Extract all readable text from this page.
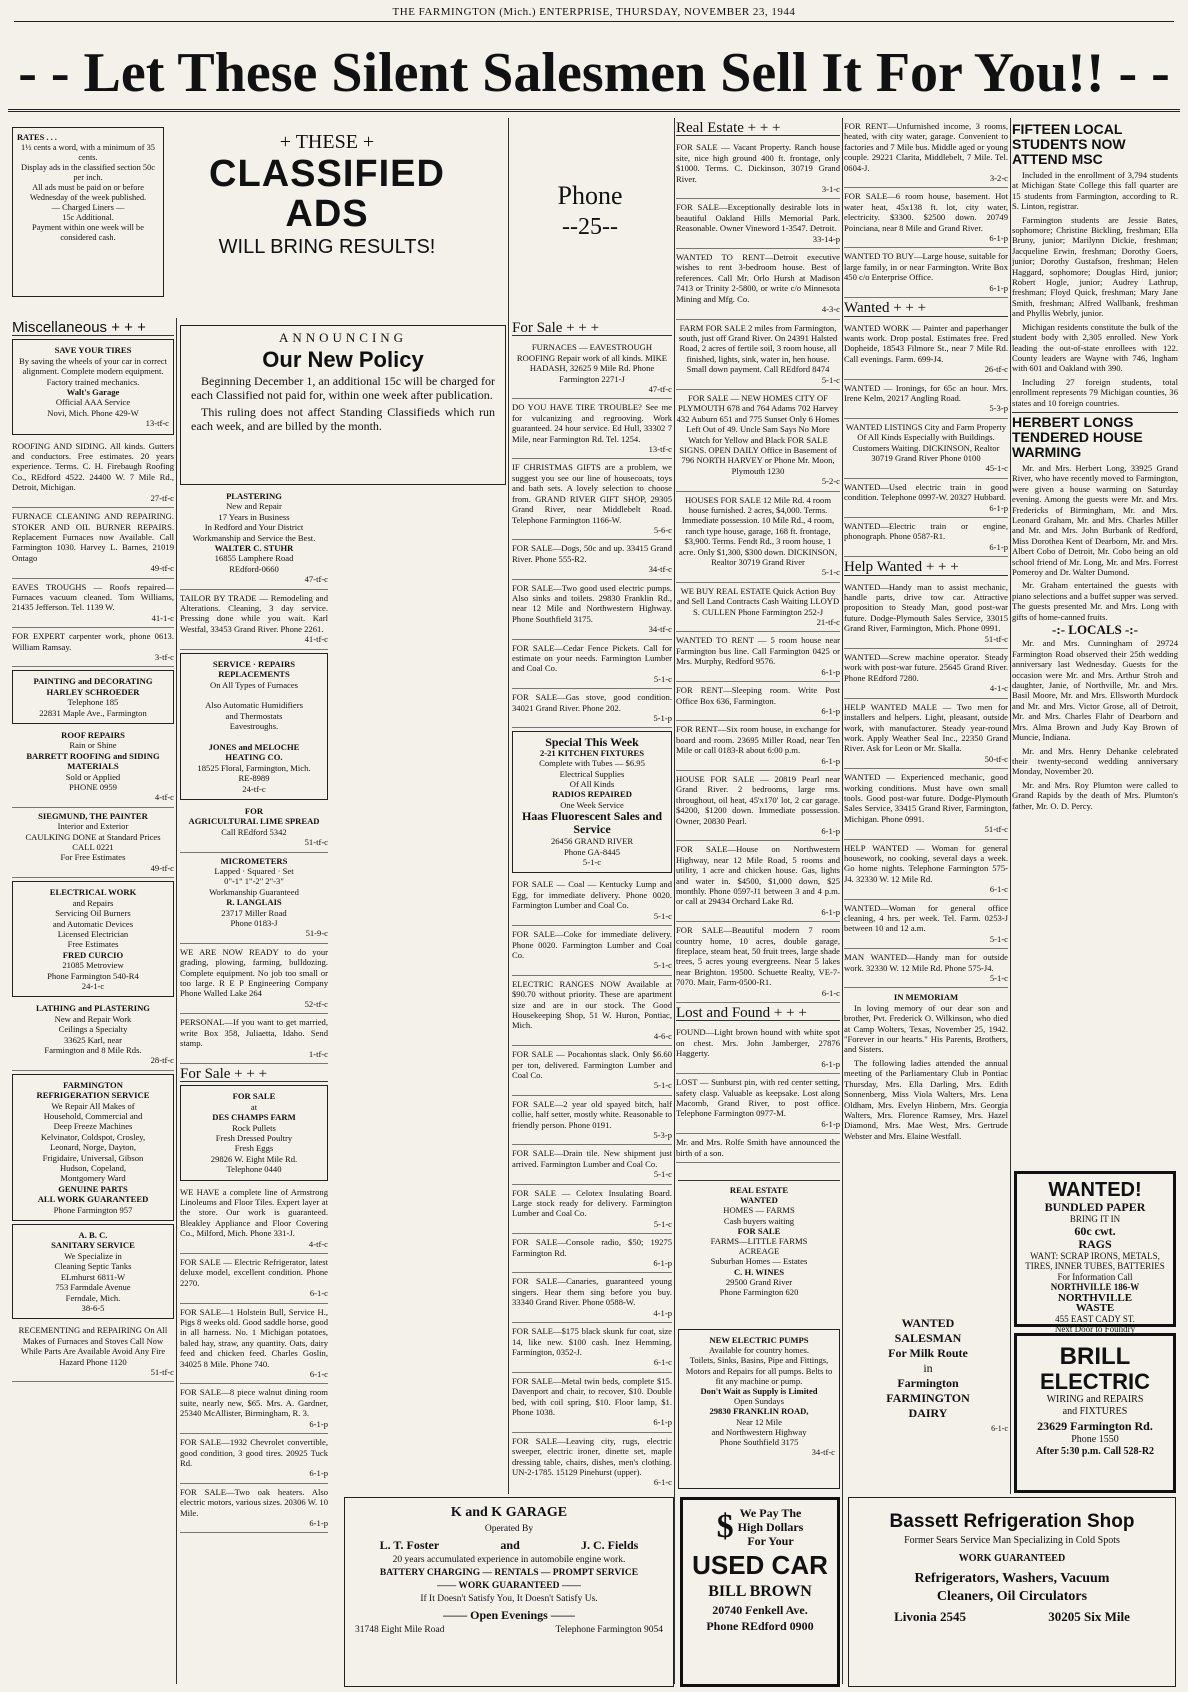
THE FARMINGTON (Mich.) ENTERPRISE, THURSDAY, NOVEMBER 23, 1944
- - Let These Silent Salesmen Sell It For You!! - -
RATES . . .
1½ cents a word, with a minimum of 35 cents.
Display ads in the classified section 50c per inch.
All ads must be paid on or before Wednesday of the week published.
— Charged Liners —
15c Additional.
Payment within one week will be considered cash.
+ THESE +
CLASSIFIED
ADS
WILL BRING RESULTS!
Phone
--25--
Miscellaneous + + +
SAVE YOUR TIRES
By saving the wheels of your car in correct alignment. Complete modern equipment. Factory trained mechanics.
Walt's Garage
Official AAA Service
Novi, Mich. Phone 429-W
13-tf-c
ROOFING AND SIDING. All kinds. Gutters and conductors. Free estimates. 20 years experience. Terms. C. H. Firebaugh Roofing Co., REdford 4522. 24400 W. 7 Mile Rd., Detroit, Michigan.
27-tf-c
FURNACE CLEANING AND REPAIRING. STOKER AND OIL BURNER REPAIRS. Replacement Furnaces now Available. Call Farmington 1030. Harvey L. Barnes, 21019 Ontago
49-tf-c
EAVES TROUGHS — Roofs repaired—Furnaces vacuum cleaned. Tom Williams, 21435 Jefferson. Tel. 1139 W.
41-1-c
FOR EXPERT carpenter work, phone 0613. William Ramsay.
3-tf-c
PAINTING and DECORATING
HARLEY SCHROEDER
Telephone 185
22831 Maple Ave., Farmington
ROOF REPAIRS
Rain or Shine
BARRETT ROOFING and SIDING MATERIALS
Sold or Applied
PHONE 0959
4-tf-c
SIEGMUND, THE PAINTER
Interior and Exterior
CAULKING DONE at Standard Prices
CALL 0221
For Free Estimates
49-tf-c
ELECTRICAL WORK
and Repairs
Servicing Oil Burners
and Automatic Devices
Licensed Electrician
Free Estimates
FRED CURCIO
21085 Metroview
Phone Farmington 540-R4
24-1-c
LATHING and PLASTERING
New and Repair Work
Ceilings a Specialty
33625 Karl, near
Farmington and 8 Mile Rds.
28-tf-c
FARMINGTON
REFRIGERATION SERVICE
We Repair All Makes of
Household, Commercial and
Deep Freeze Machines
Kelvinator, Coldspot, Crosley,
Leonard, Norge, Dayton,
Frigidaire, Universal, Gibson
Hudson, Copeland,
Montgomery Ward
GENUINE PARTS
ALL WORK GUARANTEED
Phone Farmington 957
A. B. C.
SANITARY SERVICE
We Specialize in
Cleaning Septic Tanks
ELmhurst 6811-W
753 Farmdale Avenue
Ferndale, Mich.
38-6-5
RECEMENTING and REPAIRING On All Makes of Furnaces and Stoves Call Now While Parts Are Available Avoid Any Fire Hazard Phone 1120
51-tf-c
ANNOUNCING
Our New Policy
Beginning December 1, an additional 15c will be charged for each Classified not paid for, within one week after publication.
This ruling does not affect Standing Classifieds which run each week, and are billed by the month.
PLASTERING
New and Repair
17 Years in Business
In Redford and Your District
Workmanship and Service the Best.
WALTER C. STUHR
16855 Lamphere Road
REdford-0660
47-tf-c
TAILOR BY TRADE — Remodeling and Alterations. Cleaning, 3 day service. Pressing done while you wait. Karl Westfal, 33453 Grand River. Phone 2261.
41-tf-c
SERVICE · REPAIRS
REPLACEMENTS
On All Types of Furnaces

Also Automatic Humidifiers
and Thermostats
Eavestroughs.

JONES and MELOCHE
HEATING CO.
18525 Floral, Farmington, Mich.
RE-8989
24-tf-c
FOR
AGRICULTURAL LIME SPREAD
Call REdford 5342
51-tf-c
MICROMETERS
Lapped · Squared · Set
0"-1" 1"-2" 2"-3"
Workmanship Guaranteed
R. LANGLAIS
23717 Miller Road
Phone 0183-J
51-9-c
WE ARE NOW READY to do your grading, plowing, farming, bulldozing. Complete equipment. No job too small or too large. R E P Engineering Company Phone Walled Lake 264
52-tf-c
PERSONAL—If you want to get married, write Box 358, Juliaetta, Idaho. Send stamp.
1-tf-c
For Sale + + +
FOR SALE
at
DES CHAMPS FARM
Rock Pullets
Fresh Dressed Poultry
Fresh Eggs
29826 W. Eight Mile Rd.
Telephone 0440
WE HAVE a complete line of Armstrong Linoleums and Floor Tiles. Expert layer at the store. Our work is guaranteed. Bleakley Appliance and Floor Covering Co., Milford, Mich. Phone 331-J.
4-tf-c
FOR SALE — Electric Refrigerator, latest deluxe model, excellent condition. Phone 2270.
6-1-c
FOR SALE—1 Holstein Bull, Service H., Pigs 8 weeks old. Good saddle horse, good in all harness. No. 1 Michigan potatoes, baled hay, straw, any quantity. Oats, dairy feed and chicken feed. Charles Goslin, 34025 8 Mile. Phone 740.
6-1-c
FOR SALE—8 piece walnut dining room suite, nearly new, $65. Mrs. A. Gardner, 25340 McAllister, Birmingham, R. 3.
6-1-p
FOR SALE—1932 Chevrolet convertible, good condition, 3 good tires. 20925 Tuck Rd.
6-1-p
FOR SALE—Two oak heaters. Also electric motors, various sizes. 20306 W. 10 Mile.
6-1-p
For Sale + + +
FURNACES — EAVESTROUGH ROOFING Repair work of all kinds. MIKE HADASH, 32625 9 Mile Rd. Phone Farmington 2271-J
47-tf-c
DO YOU HAVE TIRE TROUBLE? See me for vulcanizing and regrooving. Work guaranteed. 24 hour service. Ed Hull, 33302 7 Mile, near Farmington Rd. Tel. 1254.
13-tf-c
IF CHRISTMAS GIFTS are a problem, we suggest you see our line of housecoats, toys and bath sets. A lovely selection to choose from. GRAND RIVER GIFT SHOP, 29305 Grand River, near Middlebelt Road. Telephone Farmington 1166-W.
5-6-c
FOR SALE—Dogs, 50c and up. 33415 Grand River. Phone 555-R2.
34-tf-c
FOR SALE—Two good used electric pumps. Also sinks and toilets. 29830 Franklin Rd., near 12 Mile and Northwestern Highway. Phone Southfield 3175.
34-tf-c
FOR SALE—Cedar Fence Pickets. Call for estimate on your needs. Farmington Lumber and Coal Co.
5-1-c
FOR SALE—Gas stove, good condition. 34021 Grand River. Phone 202.
5-1-p
Special This Week
2-21 KITCHEN FIXTURES
Complete with Tubes — $6.95
Electrical Supplies
Of All Kinds
RADIOS REPAIRED
One Week Service
Haas Fluorescent Sales and Service
26456 GRAND RIVER
Phone GA-8445
5-1-c
FOR SALE — Coal — Kentucky Lump and Egg, for immediate delivery. Phone 0020. Farmington Lumber and Coal Co.
5-1-c
FOR SALE—Coke for immediate delivery. Phone 0020. Farmington Lumber and Coal Co.
5-1-c
ELECTRIC RANGES NOW Available at $90.70 without priority. These are apartment size and are in our stock. The Good Housekeeping Shop, 51 W. Huron, Pontiac, Mich.
4-6-c
FOR SALE — Pocahontas slack. Only $6.60 per ton, delivered. Farmington Lumber and Coal Co.
5-1-c
FOR SALE—2 year old spayed bitch, half collie, half setter, mostly white. Reasonable to friendly person. Phone 0191.
5-3-p
FOR SALE—Drain tile. New shipment just arrived. Farmington Lumber and Coal Co.
5-1-c
FOR SALE — Celotex Insulating Board. Large stock ready for delivery. Farmington Lumber and Coal Co.
5-1-c
FOR SALE—Console radio, $50; 19275 Farmington Rd.
6-1-p
FOR SALE—Canaries, guaranteed young singers. Hear them sing before you buy. 33340 Grand River. Phone 0588-W.
4-1-p
FOR SALE—$175 black skunk fur coat, size 14, like new. $100 cash. Inez Hemming, Farmington, 0352-J.
6-1-c
FOR SALE—Metal twin beds, complete $15. Davenport and chair, to recover, $10. Double bed, with coil spring, $10. Floor lamp, $1. Phone 1038.
6-1-p
FOR SALE—Leaving city, rugs, electric sweeper, electric ironer, dinette set, maple dressing table, chairs, dishes, men's clothing. UN-2-1785. 15129 Pinehurst (upper).
6-1-c
Real Estate + + +
FOR SALE — Vacant Property. Ranch house site, nice high ground 400 ft. frontage, only $1000. Terms. C. Dickinson, 30719 Grand River.
3-1-c
FOR SALE—Exceptionally desirable lots in beautiful Oakland Hills Memorial Park. Reasonable. Owner Vineword 1-3547. Detroit.
33-14-p
WANTED TO RENT—Detroit executive wishes to rent 3-bedroom house. Best of references. Call Mr. Orlo Hursh at Madison 7413 or Trinity 2-5800, or write c/o Minnesota Mining and Mfg. Co.
4-3-c
FARM FOR SALE 2 miles from Farmington, south, just off Grand River. On 24391 Halsted Road, 2 acres of fertile soil, 3 room house, all finished, lights, sink, water in, hen house. Small down payment. Call REdford 8474
5-1-c
FOR SALE — NEW HOMES CITY OF PLYMOUTH 678 and 764 Adams 702 Harvey 432 Auburn 651 and 775 Sunset Only 6 Homes Left Out of 49. Uncle Sam Says No More Watch for Yellow and Black FOR SALE SIGNS. OPEN DAILY Office in Basement of 796 NORTH HARVEY or Phone Mr. Moon, Plymouth 1230
5-2-c
HOUSES FOR SALE 12 Mile Rd. 4 room house furnished. 2 acres, $4,000. Terms. Immediate possession. 10 Mile Rd., 4 room, ranch type house, garage, 168 ft. frontage, $3,900. Terms. Fendt Rd., 3 room house, 1 acre. Only $1,300, $300 down. DICKINSON, Realtor 30719 Grand River
5-1-c
WE BUY REAL ESTATE Quick Action Buy and Sell Land Contracts Cash Waiting LLOYD S. CULLEN Phone Farmington 252-J
21-tf-c
WANTED TO RENT — 5 room house near Farmington bus line. Call Farmington 0425 or Mrs. Murphy, Redford 9576.
6-1-p
FOR RENT—Sleeping room. Write Post Office Box 636, Farmington.
6-1-p
FOR RENT—Six room house, in exchange for board and room. 23695 Miller Road, near Ten Mile or call 0183-R about 6:00 p.m.
6-1-p
HOUSE FOR SALE — 20819 Pearl near Grand River. 2 bedrooms, large rms. throughout, oil heat, 45'x170' lot, 2 car garage. $4200, $1200 down. Immediate possession. Owner, 20830 Pearl.
6-1-p
FOR SALE—House on Northwestern Highway, near 12 Mile Road, 5 rooms and utility, 1 acre and chicken house. Gas, lights and water in. $4500, $1,000 down, $25 monthly. Phone 0597-J1 between 3 and 4 p.m. or call at 29434 Orchard Lake Rd.
6-1-p
FOR SALE—Beautiful modern 7 room country home, 10 acres, double garage, fireplace, steam heat, 50 fruit trees, large shade trees, 5 acres young evergreens. Near 5 lakes near Brighton. 19500. Schuette Realty, VE-7-7070. Mair, Farm-0500-R1.
6-1-c
Lost and Found + + +
FOUND—Light brown hound with white spot on chest. Mrs. John Jamberger, 27876 Haggerty.
6-1-p
LOST — Sunburst pin, with red center setting, safety clasp. Valuable as keepsake. Lost along Macomb, Grand River, to post office. Telephone Farmington 0977-M.
6-1-p
Mr. and Mrs. Rolfe Smith have announced the birth of a son.
FOR RENT—Unfurnished income, 3 rooms, heated, with city water, garage. Convenient to factories and 7 Mile bus. Middle aged or young couple. 29221 Clarita, Middlebelt, 7 Mile. Tel. 0604-J.
3-2-c
FOR SALE—6 room house, basement. Hot water heat, 45x138 ft. lot, city water, electricity. $3300. $2500 down. 20749 Poinciana, near 8 Mile and Grand River.
6-1-p
WANTED TO BUY—Large house, suitable for large family, in or near Farmington. Write Box 450 c/o Enterprise Office.
6-1-p
Wanted + + +
WANTED WORK — Painter and paperhanger wants work. Drop postal. Estimates free. Fred Dopheide, 18543 Filmore St., near 7 Mile Rd. Call evenings. Farm. 699-J4.
26-tf-c
WANTED — Ironings, for 65c an hour. Mrs. Irene Kelm, 20217 Angling Road.
5-3-p
WANTED LISTINGS City and Farm Property Of All Kinds Especially with Buildings. Customers Waiting. DICKINSON, Realtor 30719 Grand River Phone 0100
45-1-c
WANTED—Used electric train in good condition. Telephone 0997-W. 20327 Hubbard.
6-1-p
WANTED—Electric train or engine, phonograph. Phone 0587-R1.
6-1-p
Help Wanted + + +
WANTED—Handy man to assist mechanic, handle parts, drive tow car. Attractive proposition to Steady Man, good post-war future. Dodge-Plymouth Sales Service, 33015 Grand River, Farmington, Mich. Phone 0991.
51-tf-c
WANTED—Screw machine operator. Steady work with post-war future. 25645 Grand River. Phone REdford 7280.
4-1-c
HELP WANTED MALE — Two men for installers and helpers. Light, pleasant, outside work, with manufacturer. Steady year-round work. Apply Weather Seal Inc., 22350 Grand River. Ask for Leon or Mr. Skalla.
50-tf-c
WANTED — Experienced mechanic, good working conditions. Must have own small tools. Good post-war future. Dodge-Plymouth Sales Service, 33415 Grand River, Farmington, Michigan. Phone 0991.
51-tf-c
HELP WANTED — Woman for general housework, no cooking, several days a week. Go home nights. Telephone Farmington 575-J4. 32330 W. 12 Mile Rd.
6-1-c
WANTED—Woman for general office cleaning, 4 hrs. per week. Tel. Farm. 0253-J between 10 and 12 a.m.
5-1-c
MAN WANTED—Handy man for outside work. 32330 W. 12 Mile Rd. Phone 575-J4.
5-1-c
IN MEMORIAM
In loving memory of our dear son and brother, Pvt. Frederick O. Wilkinson, who died at Camp Wolters, Texas, November 25, 1942. "Forever in our hearts." His Parents, Brothers, and Sisters.
The following ladies attended the annual meeting of the Parliamentary Club in Pontiac Thursday, Mrs. Ella Darling, Mrs. Edith Sonnenberg, Miss Viola Walters, Mrs. Lena Oldham, Mrs. Evelyn Hinbern, Mrs. Georgia Walters, Mrs. Florence Ramsey, Mrs. Hazel Diamond, Mrs. Mae West, Mrs. Gertrude Webster and Mrs. Elaine Westfall.
FIFTEEN LOCAL STUDENTS NOW ATTEND MSC
Included in the enrollment of 3,794 students at Michigan State College this fall quarter are 15 students from Farmington, according to R. S. Linton, registrar.
Farmington students are Jessie Bates, sophomore; Christine Bickling, freshman; Ella Bruny, junior; Marilynn Dickie, freshman; Jacqueline Erwin, freshman; Dorothy Goers, junior; Dorothy Gustafson, freshman; Helen Haggard, sophomore; Douglas Hird, junior; Robert Hogle, junior; Audrey Lathrup, freshman; Floyd Quick, freshman; Mary Jane Smith, freshman; Alfred Wallbank, freshman and Phyllis Webrly, junior.
Michigan residents constitute the bulk of the student body with 2,305 enrolled. New York leading the out-of-state enrollees with 122. County leaders are Wayne with 746, Ingham with 601 and Oakland with 390.
Including 27 foreign students, total enrollment represents 79 Michigan counties, 36 states and 10 foreign countries.
HERBERT LONGS TENDERED HOUSE WARMING
Mr. and Mrs. Herbert Long, 33925 Grand River, who have recently moved to Farmington, were given a house warming on Saturday evening. Among the guests were Mr. and Mrs. Fredericks of Birmingham, Mr. and Mrs. Leonard Graham, Mr. and Mrs. Charles Miller and Mr. and Mrs. John Burbank of Redford, Miss Dorothea Kent of Dearborn, Mr. and Mrs. Albert Cobo of Detroit, Mr. Cobo being an old school friend of Mr. Long, Mr. and Mrs. Forrest Pomeroy and Dr. Walter Dumond.
Mr. Graham entertained the guests with piano selections and a buffet supper was served. The guests presented Mr. and Mrs. Long with gifts of home-canned fruits.
-:- LOCALS -:-
Mr. and Mrs. Cunningham of 29724 Farmington Road observed their 25th wedding anniversary last Wednesday. Guests for the occasion were Mr. and Mrs. Arthur Stroh and daughter, Janie, of Northville, Mr. and Mrs. Basil Moore, Mr. and Mrs. Ellsworth Murdock and Mr. and Mrs. Victor Grose, all of Detroit, Mr. and Mrs. Charles Flahr of Dearborn and Mrs. Alma Brown and Judy Kay Brown of Muncie, Indiana.
Mr. and Mrs. Henry Dehanke celebrated their twenty-second wedding anniversary Monday, November 20.
Mr. and Mrs. Roy Plumton were called to Grand Rapids by the death of Mrs. Plumton's father, Mr. O. D. Percy.
WANTED!
BUNDLED PAPER
BRING IT IN
60c cwt.
RAGS
WANT: SCRAP IRONS, METALS, TIRES, INNER TUBES, BATTERIES
For Information Call
NORTHVILLE 186-W
NORTHVILLE
WASTE
455 EAST CADY ST.
Next Door to Foundry
WANTED
SALESMAN
For Milk Route
in
Farmington
FARMINGTON
DAIRY
6-1-c
BRILL
ELECTRIC
WIRING and REPAIRS
and FIXTURES
23629 Farmington Rd.
Phone 1550
After 5:30 p.m. Call 528-R2
NEW ELECTRIC PUMPS
Available for country homes.
Toilets, Sinks, Basins, Pipe and Fittings, Motors and Repairs for all pumps. Belts to fit any machine or pump.
Don't Wait as Supply is Limited
Open Sundays
29830 FRANKLIN ROAD,
Near 12 Mile
and Northwestern Highway
Phone Southfield 3175
34-tf-c
REAL ESTATE
WANTED
HOMES — FARMS
Cash buyers waiting
FOR SALE
FARMS—LITTLE FARMS
ACREAGE
Suburban Homes — Estates
C. H. WINES
29500 Grand River
Phone Farmington 620
K and K GARAGE
Operated By
L. T. Foster	and	J. C. Fields
20 years accumulated experience in automobile engine work.
BATTERY CHARGING — RENTALS — PROMPT SERVICE
—— WORK GUARANTEED ——
If It Doesn't Satisfy You, It Doesn't Satisfy Us.
—— Open Evenings ——
31748 Eight Mile Road	Telephone Farmington 9054
$ We Pay The
High Dollars
For Your
USED CAR
BILL BROWN
20740 Fenkell Ave.
Phone REdford 0900
Bassett Refrigeration Shop
Former Sears Service Man Specializing in Cold Spots
WORK GUARANTEED
Refrigerators, Washers, Vacuum
Cleaners, Oil Circulators
Livonia 2545	30205 Six Mile
